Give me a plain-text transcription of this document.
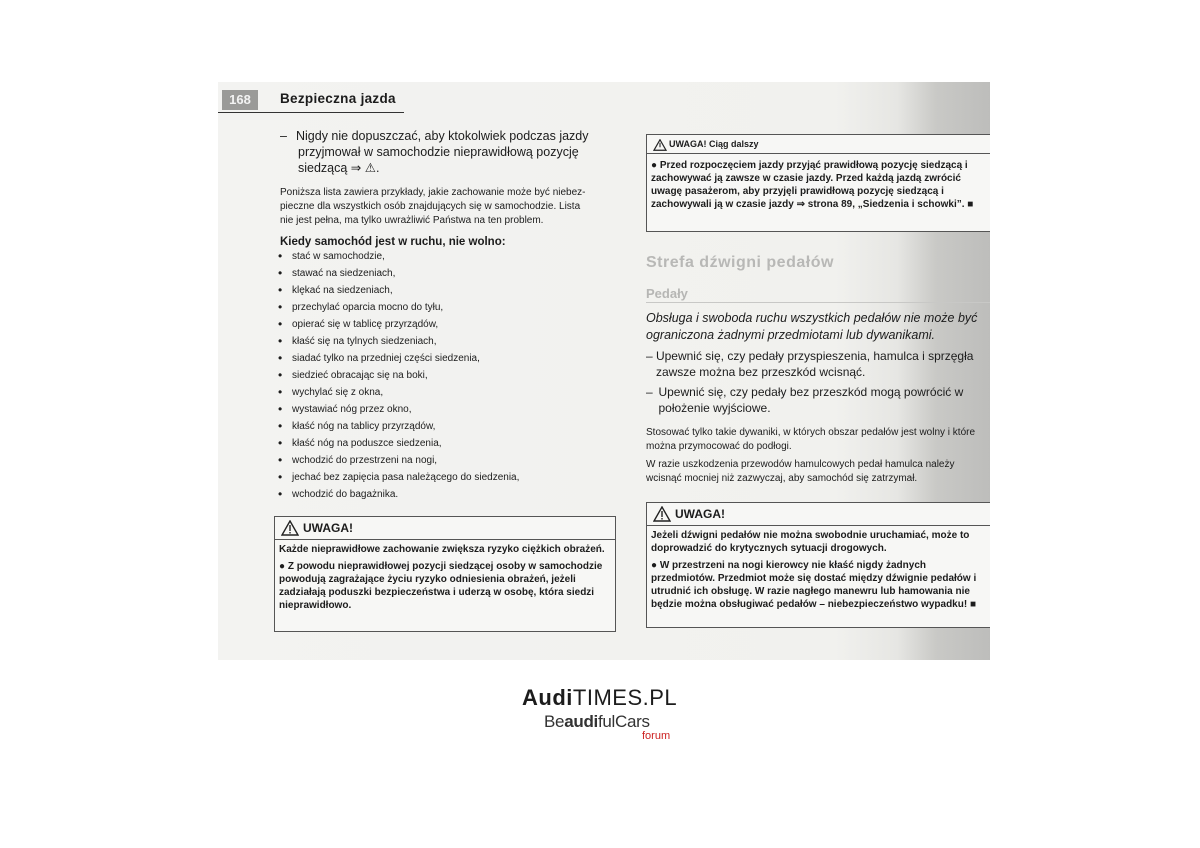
168	Bezpieczna jazda
– Nigdy nie dopuszczać, aby ktokolwiek podczas jazdy
przyjmował w samochodzie nieprawidłową pozycję
siedzącą ⇒ ⚠.
Poniższa lista zawiera przykłady, jakie zachowanie może być niebez-
pieczne dla wszystkich osób znajdujących się w samochodzie. Lista
nie jest pełna, ma tylko uwrażliwić Państwa na ten problem.
Kiedy samochód jest w ruchu, nie wolno:
• stać w samochodzie,
• stawać na siedzeniach,
• klękać na siedzeniach,
• przechylać oparcia mocno do tyłu,
• opierać się w tablicę przyrządów,
• kłaść się na tylnych siedzeniach,
• siadać tylko na przedniej części siedzenia,
• siedzieć obracając się na boki,
• wychylać się z okna,
• wystawiać nóg przez okno,
• kłaść nóg na tablicy przyrządów,
• kłaść nóg na poduszce siedzenia,
• wchodzić do przestrzeni na nogi,
• jechać bez zapięcia pasa należącego do siedzenia,
• wchodzić do bagażnika.
UWAGA!

Każde nieprawidłowe zachowanie zwiększa ryzyko ciężkich obrażeń.

● Z powodu nieprawidłowej pozycji siedzącej osoby w samochodzie powodują zagrażające życiu ryzyko odniesienia obrażeń, jeżeli zadziałają poduszki bezpieczeństwa i uderzą w osobę, która siedzi nieprawidłowo.

UWAGA! Ciąg dalszy
● Przed rozpoczęciem jazdy przyjąć prawidłową pozycję siedzącą i zachowywać ją zawsze w czasie jazdy. Przed każdą jazdą zwrócić uwagę pasażerom, aby przyjęli prawidłową pozycję siedzącą i zachowywali ją w czasie jazdy ⇒ strona 89, „Siedzenia i schowki”. ■
Strefa dźwigni pedałów
Pedały
Obsługa i swoboda ruchu wszystkich pedałów nie może być ograniczona żadnymi przedmiotami lub dywanikami.
– Upewnić się, czy pedały przyspieszenia, hamulca i sprzęgła zawsze można bez przeszkód wcisnąć.
– Upewnić się, czy pedały bez przeszkód mogą powrócić w położenie wyjściowe.
Stosować tylko takie dywaniki, w których obszar pedałów jest wolny i które można przymocować do podłogi.
W razie uszkodzenia przewodów hamulcowych pedał hamulca należy wcisnąć mocniej niż zazwyczaj, aby samochód się zatrzymał.
UWAGA!

Jeżeli dźwigni pedałów nie można swobodnie uruchamiać, może to doprowadzić do krytycznych sytuacji drogowych.

● W przestrzeni na nogi kierowcy nie kłaść nigdy żadnych przedmiotów. Przedmiot może się dostać między dźwignie pedałów i utrudnić ich obsługę. W razie nagłego manewru lub hamowania nie będzie można obsługiwać pedałów – niebezpieczeństwo wypadku! ■

AudiTIMES.PL
BeaudifulCars
forum
